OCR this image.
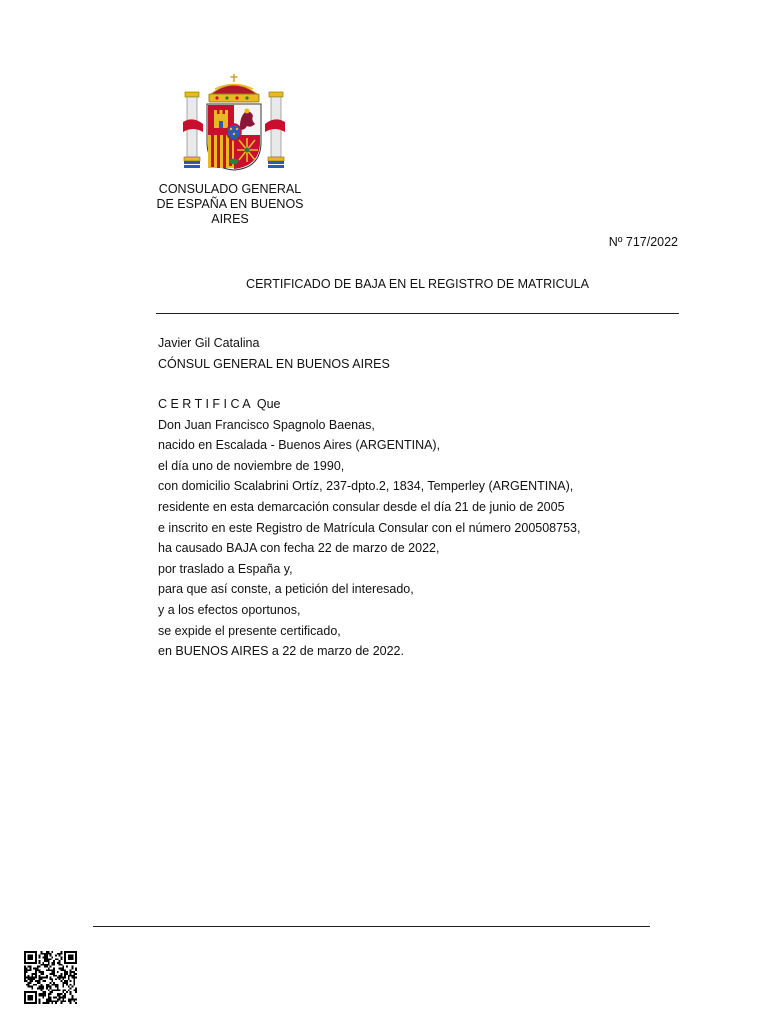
CONSULADO GENERAL
DE ESPAÑA EN BUENOS
AIRES
Nº 717/2022
CERTIFICADO DE BAJA EN EL REGISTRO DE MATRICULA
Javier Gil Catalina
CÓNSUL GENERAL EN BUENOS AIRES
C E R T I F I C A  Que
Don Juan Francisco Spagnolo Baenas,
nacido en Escalada - Buenos Aires (ARGENTINA),
el día uno de noviembre de 1990,
con domicilio Scalabrini Ortíz, 237-dpto.2, 1834, Temperley (ARGENTINA),
residente en esta demarcación consular desde el día 21 de junio de 2005
e inscrito en este Registro de Matrícula Consular con el número 200508753,
ha causado BAJA con fecha 22 de marzo de 2022,
por traslado a España y,
para que así conste, a petición del interesado,
y a los efectos oportunos,
se expide el presente certificado,
en BUENOS AIRES a 22 de marzo de 2022.
